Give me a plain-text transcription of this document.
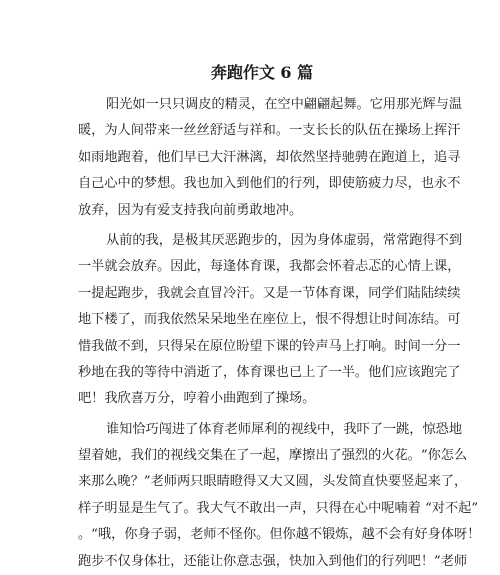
奔跑作文 6 篇
阳光如一只只调皮的精灵，在空中翩翩起舞。它用那光辉与温
暖，为人间带来一丝丝舒适与祥和。一支长长的队伍在操场上挥汗
如雨地跑着，他们早已大汗淋漓，却依然坚持驰骋在跑道上，追寻
自己心中的梦想。我也加入到他们的行列，即使筋疲力尽，也永不
放弃，因为有爱支持我向前勇敢地冲。
从前的我，是极其厌恶跑步的，因为身体虚弱，常常跑得不到
一半就会放弃。因此，每逢体育课，我都会怀着忐忑的心情上课，
一提起跑步，我就会直冒冷汗。又是一节体育课，同学们陆陆续续
地下楼了，而我依然呆呆地坐在座位上，恨不得想让时间冻结。可
惜我做不到，只得呆在原位盼望下课的铃声马上打响。时间一分一
秒地在我的等待中消逝了，体育课也已上了一半。他们应该跑完了
吧！我欣喜万分，哼着小曲跑到了操场。
谁知恰巧闯进了体育老师犀利的视线中，我吓了一跳，惊恐地
望着她，我们的视线交集在了一起，摩擦出了强烈的火花。“你怎么
来那么晚？”老师两只眼睛瞪得又大又圆，头发简直快要竖起来了，
样子明显是生气了。我大气不敢出一声，只得在心中呢喃着 “对不起”
。“哦，你身子弱，老师不怪你。但你越不锻炼，越不会有好身体呀！
跑步不仅身体壮，还能让你意志强，快加入到他们的行列吧！”老师
